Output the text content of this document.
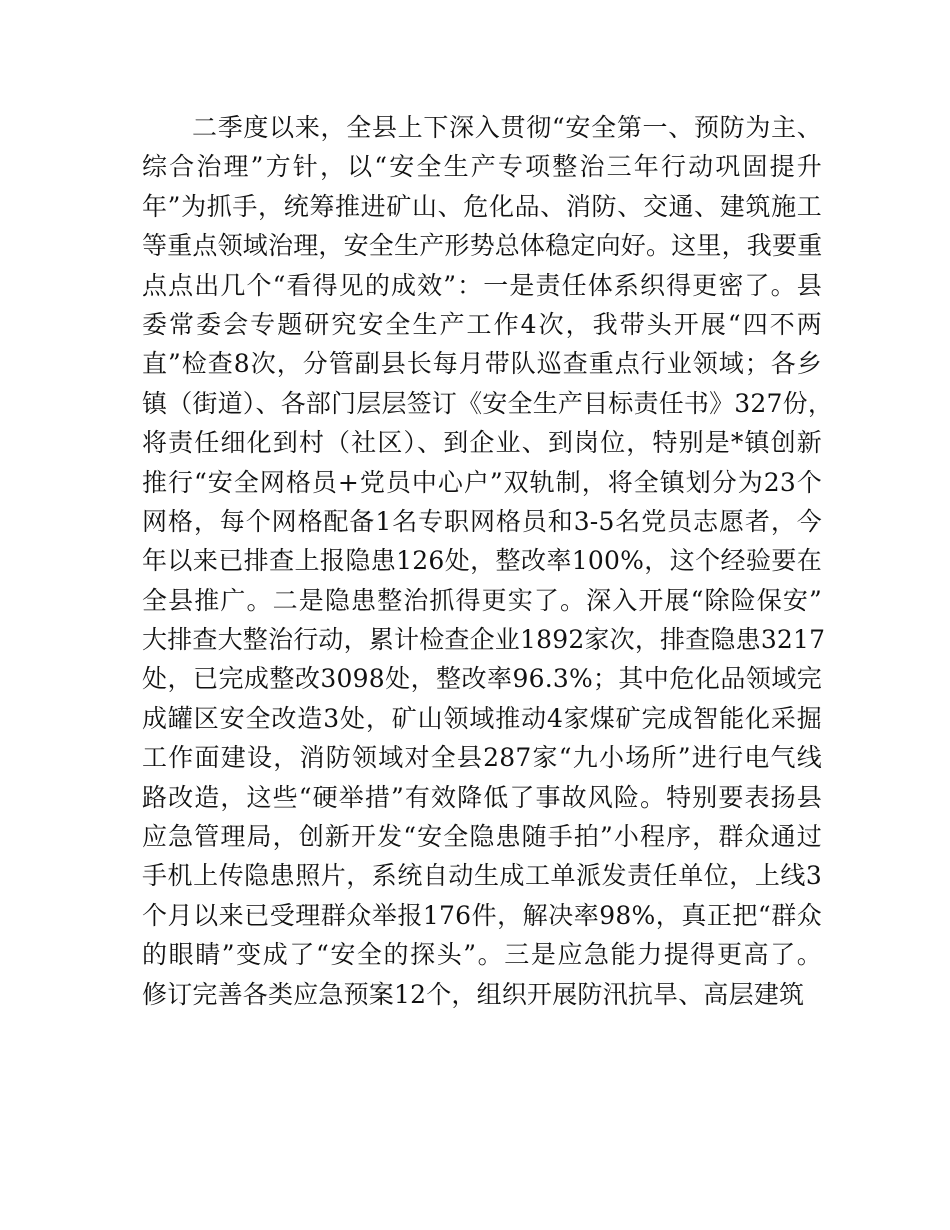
二季度以来，全县上下深入贯彻“安全第一、预防为主、
综合治理”方针，以“安全生产专项整治三年行动巩固提升
年”为抓手，统筹推进矿山、危化品、消防、交通、建筑施工
等重点领域治理，安全生产形势总体稳定向好。这里，我要重
点点出几个“看得见的成效”：一是责任体系织得更密了。县
委常委会专题研究安全生产工作4次，我带头开展“四不两
直”检查8次，分管副县长每月带队巡查重点行业领域；各乡
镇（街道）、各部门层层签订《安全生产目标责任书》327份，
将责任细化到村（社区）、到企业、到岗位，特别是*镇创新
推行“安全网格员+党员中心户”双轨制，将全镇划分为23个
网格，每个网格配备1名专职网格员和3-5名党员志愿者，今
年以来已排查上报隐患126处，整改率100%，这个经验要在
全县推广。二是隐患整治抓得更实了。深入开展“除险保安”
大排查大整治行动，累计检查企业1892家次，排查隐患3217
处，已完成整改3098处，整改率96.3%；其中危化品领域完
成罐区安全改造3处，矿山领域推动4家煤矿完成智能化采掘
工作面建设，消防领域对全县287家“九小场所”进行电气线
路改造，这些“硬举措”有效降低了事故风险。特别要表扬县
应急管理局，创新开发“安全隐患随手拍”小程序，群众通过
手机上传隐患照片，系统自动生成工单派发责任单位，上线3
个月以来已受理群众举报176件，解决率98%，真正把“群众
的眼睛”变成了“安全的探头”。三是应急能力提得更高了。
修订完善各类应急预案12个，组织开展防汛抗旱、高层建筑
